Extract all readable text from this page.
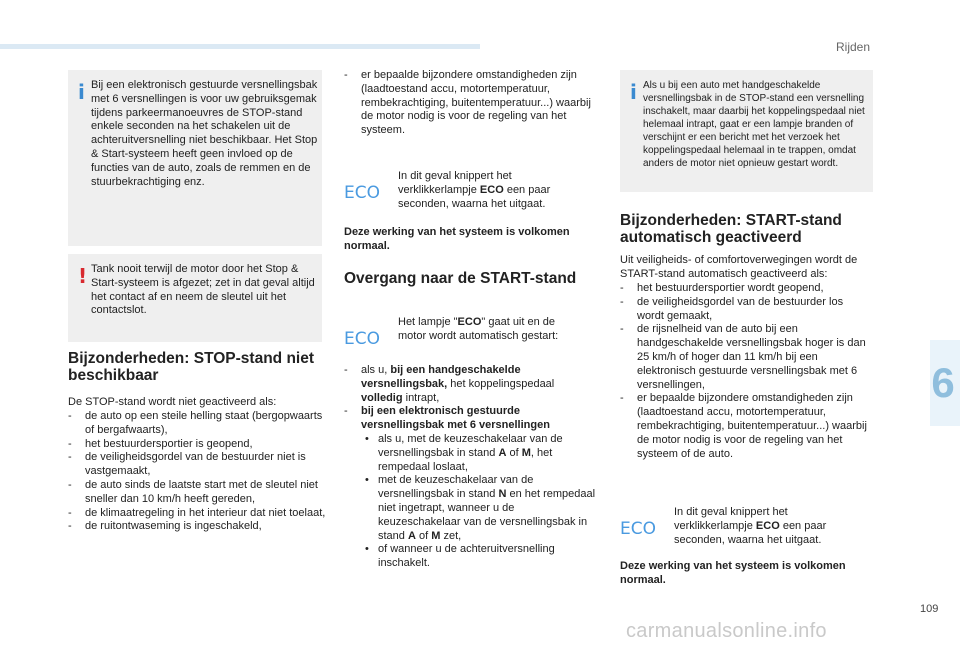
Rijden
6
109
carmanualsonline.info
i Bij een elektronisch gestuurde versnellingsbak met 6 versnellingen is voor uw gebruiksgemak tijdens parkeermanoeuvres de STOP-stand enkele seconden na het schakelen uit de achteruitversnelling niet beschikbaar. Het Stop & Start-systeem heeft geen invloed op de functies van de auto, zoals de remmen en de stuurbekrachtiging enz.

! Tank nooit terwijl de motor door het Stop & Start-systeem is afgezet; zet in dat geval altijd het contact af en neem de sleutel uit het contactslot.

Bijzonderheden: STOP-stand niet beschikbaar

De STOP-stand wordt niet geactiveerd als:

- de auto op een steile helling staat (bergopwaarts of bergafwaarts),
- het bestuurdersportier is geopend,
- de veiligheidsgordel van de bestuurder niet is vastgemaakt,
- de auto sinds de laatste start met de sleutel niet sneller dan 10 km/h heeft gereden,
- de klimaatregeling in het interieur dat niet toelaat,
- de ruitontwaseming is ingeschakeld,
- er bepaalde bijzondere omstandigheden zijn (laadtoestand accu, motortemperatuur, rembekrachtiging, buitentemperatuur...) waarbij de motor nodig is voor de regeling van het systeem.
ECO

In dit geval knippert het verklikkerlampje ECO een paar seconden, waarna het uitgaat.

Deze werking van het systeem is volkomen normaal.

Overgang naar de START-stand
ECO

Het lampje "ECO" gaat uit en de motor wordt automatisch gestart:

- als u, bij een handgeschakelde versnellingsbak, het koppelingspedaal volledig intrapt,
- bij een elektronisch gestuurde versnellingsbak met 6 versnellingen
• als u, met de keuzeschakelaar van de versnellingsbak in stand A of M, het rempedaal loslaat,
• met de keuzeschakelaar van de versnellingsbak in stand N en het rempedaal niet ingetrapt, wanneer u de keuzeschakelaar van de versnellingsbak in stand A of M zet,
• of wanneer u de achteruitversnelling inschakelt.
i Als u bij een auto met handgeschakelde versnellingsbak in de STOP-stand een versnelling inschakelt, maar daarbij het koppelingspedaal niet helemaal intrapt, gaat er een lampje branden of verschijnt er een bericht met het verzoek het koppelingspedaal helemaal in te trappen, omdat anders de motor niet opnieuw gestart wordt.

Bijzonderheden: START-stand automatisch geactiveerd

Uit veiligheids- of comfortoverwegingen wordt de START-stand automatisch geactiveerd als:

- het bestuurdersportier wordt geopend,
- de veiligheidsgordel van de bestuurder los wordt gemaakt,
- de rijsnelheid van de auto bij een handgeschakelde versnellingsbak hoger is dan 25 km/h of hoger dan 11 km/h bij een elektronisch gestuurde versnellingsbak met 6 versnellingen,
- er bepaalde bijzondere omstandigheden zijn (laadtoestand accu, motortemperatuur, rembekrachtiging, buitentemperatuur...) waarbij de motor nodig is voor de regeling van het systeem of de auto.
ECO

In dit geval knippert het verklikkerlampje ECO een paar seconden, waarna het uitgaat.

Deze werking van het systeem is volkomen normaal.
